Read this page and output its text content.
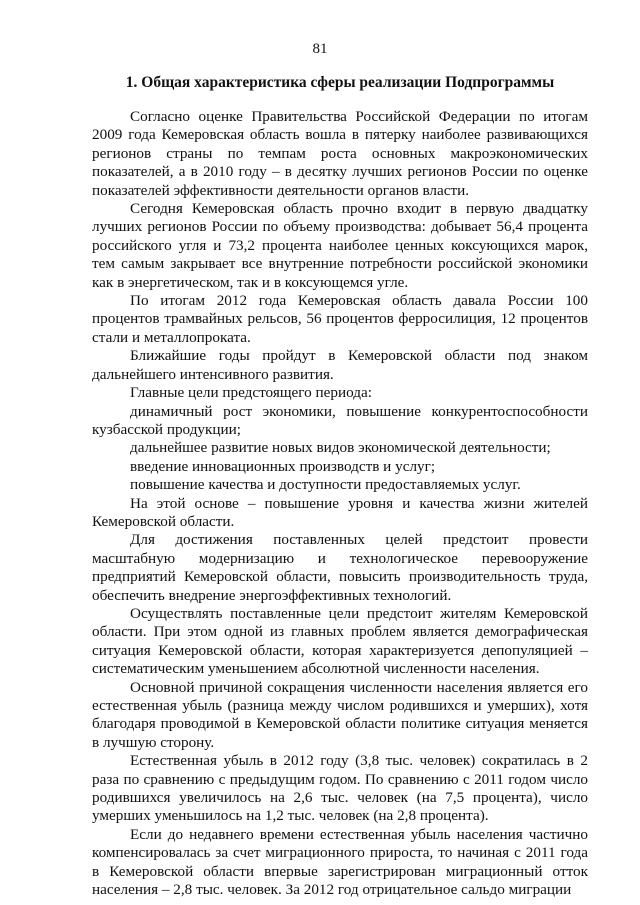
81
1. Общая характеристика сферы реализации Подпрограммы

Согласно оценке Правительства Российской Федерации по итогам 2009 года Кемеровская область вошла в пятерку наиболее развивающихся регионов страны по темпам роста основных макроэкономических показателей, а в 2010 году – в десятку лучших регионов России по оценке показателей эффективности деятельности органов власти.

Сегодня Кемеровская область прочно входит в первую двадцатку лучших регионов России по объему производства: добывает 56,4 процента российского угля и 73,2 процента наиболее ценных коксующихся марок, тем самым закрывает все внутренние потребности российской экономики как в энергетическом, так и в коксующемся угле.

По итогам 2012 года Кемеровская область давала России 100 процентов трамвайных рельсов, 56 процентов ферросилиция, 12 процентов стали и металлопроката.

Ближайшие годы пройдут в Кемеровской области под знаком дальнейшего интенсивного развития.

Главные цели предстоящего периода:

динамичный рост экономики, повышение конкурентоспособности кузбасской продукции;

дальнейшее развитие новых видов экономической деятельности;

введение инновационных производств и услуг;

повышение качества и доступности предоставляемых услуг.

На этой основе – повышение уровня и качества жизни жителей Кемеровской области.

Для достижения поставленных целей предстоит провести масштабную модернизацию и технологическое перевооружение предприятий Кемеровской области, повысить производительность труда, обеспечить внедрение энергоэффективных технологий.

Осуществлять поставленные цели предстоит жителям Кемеровской области. При этом одной из главных проблем является демографическая ситуация Кемеровской области, которая характеризуется депопуляцией – систематическим уменьшением абсолютной численности населения.

Основной причиной сокращения численности населения является его естественная убыль (разница между числом родившихся и умерших), хотя благодаря проводимой в Кемеровской области политике ситуация меняется в лучшую сторону.

Естественная убыль в 2012 году (3,8 тыс. человек) сократилась в 2 раза по сравнению с предыдущим годом. По сравнению с 2011 годом число родившихся увеличилось на 2,6 тыс. человек (на 7,5 процента), число умерших уменьшилось на 1,2 тыс. человек (на 2,8 процента).

Если до недавнего времени естественная убыль населения частично компенсировалась за счет миграционного прироста, то начиная с 2011 года в Кемеровской области впервые зарегистрирован миграционный отток населения – 2,8 тыс. человек. За 2012 год отрицательное сальдо миграции
